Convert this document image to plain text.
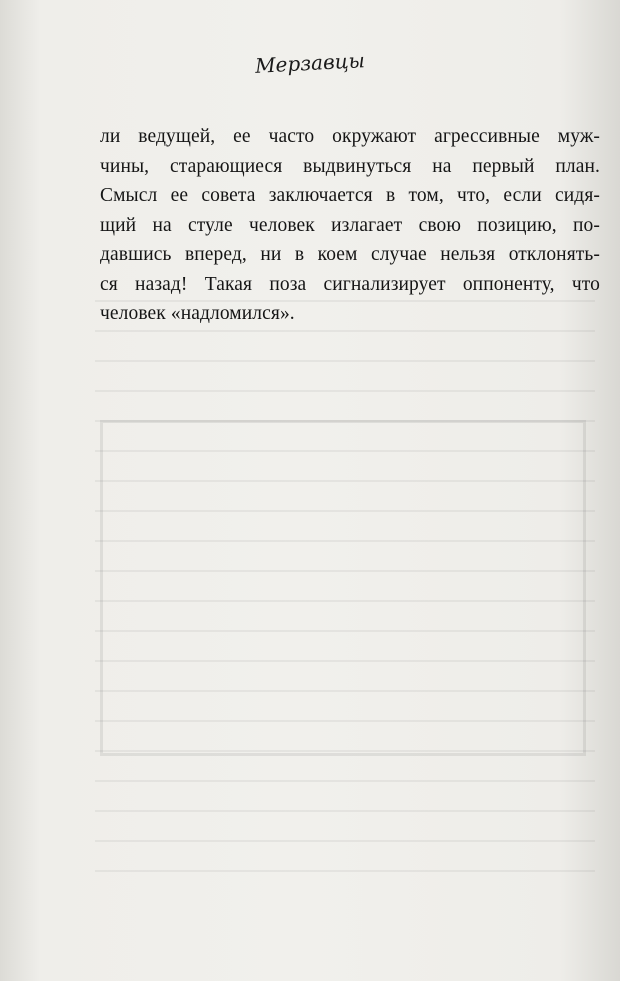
Мерзавцы
ли ведущей, ее часто окружают агрессивные муж-
чины, старающиеся выдвинуться на первый план.
Смысл ее совета заключается в том, что, если сидя-
щий на стуле человек излагает свою позицию, по-
давшись вперед, ни в коем случае нельзя отклонять-
ся назад! Такая поза сигнализирует оппоненту, что
человек «надломился».
